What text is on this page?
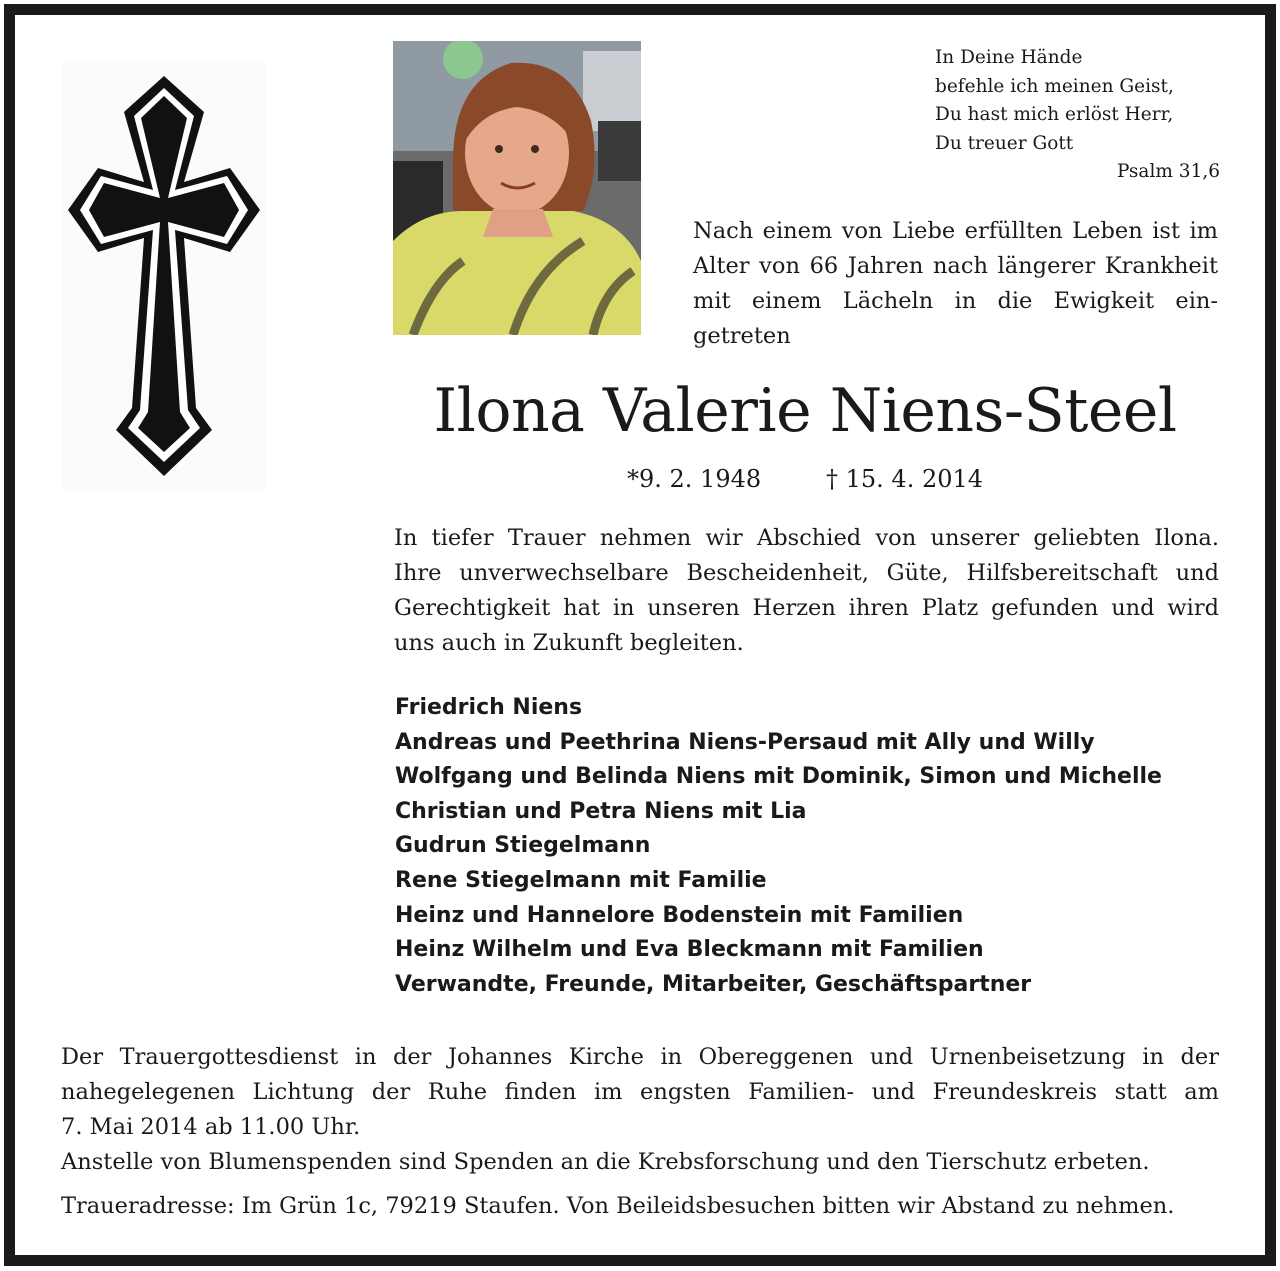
In Deine Hände
befehle ich meinen Geist,
Du hast mich erlöst Herr,
Du treuer Gott
Psalm 31,6
Nach einem von Liebe erfüllten Leben ist im
Alter von 66 Jahren nach längerer Krankheit
mit einem Lächeln in die Ewigkeit ein-
getreten
Ilona Valerie Niens-Steel
*9. 2. 1948	† 15. 4. 2014
In tiefer Trauer nehmen wir Abschied von unserer geliebten Ilona.
Ihre unverwechselbare Bescheidenheit, Güte, Hilfsbereitschaft und
Gerechtigkeit hat in unseren Herzen ihren Platz gefunden und wird
uns auch in Zukunft begleiten.
Friedrich Niens
Andreas und Peethrina Niens-Persaud mit Ally und Willy
Wolfgang und Belinda Niens mit Dominik, Simon und Michelle
Christian und Petra Niens mit Lia
Gudrun Stiegelmann
Rene Stiegelmann mit Familie
Heinz und Hannelore Bodenstein mit Familien
Heinz Wilhelm und Eva Bleckmann mit Familien
Verwandte, Freunde, Mitarbeiter, Geschäftspartner
Der Trauergottesdienst in der Johannes Kirche in Obereggenen und Urnenbeisetzung in der
nahegelegenen Lichtung der Ruhe finden im engsten Familien- und Freundeskreis statt am
7. Mai 2014 ab 11.00 Uhr.
Anstelle von Blumenspenden sind Spenden an die Krebsforschung und den Tierschutz erbeten.
Traueradresse: Im Grün 1c, 79219 Staufen. Von Beileidsbesuchen bitten wir Abstand zu nehmen.
